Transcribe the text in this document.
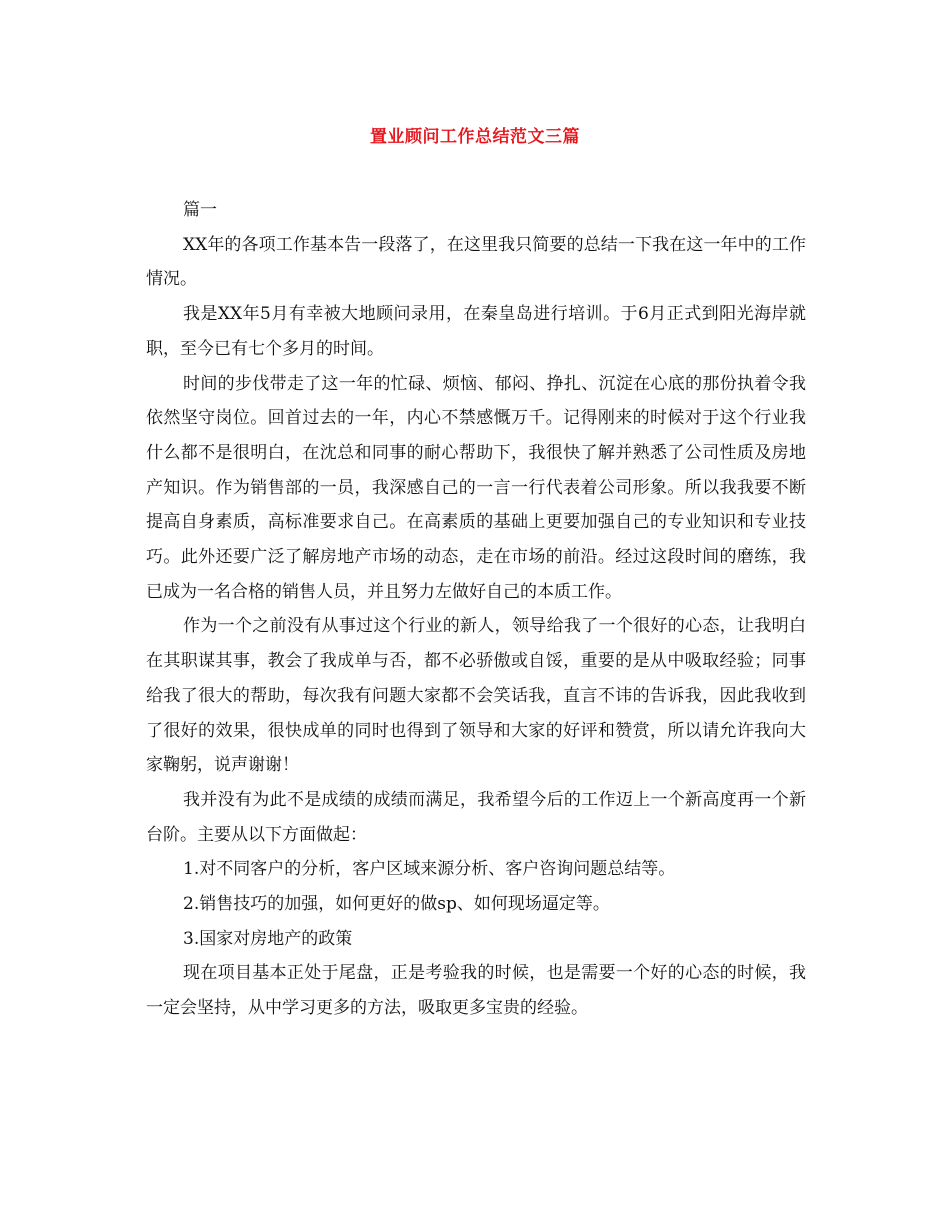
置业顾问工作总结范文三篇

篇一

XX年的各项工作基本告一段落了，在这里我只简要的总结一下我在这一年中的工作情况。

我是XX年5月有幸被大地顾问录用，在秦皇岛进行培训。于6月正式到阳光海岸就职，至今已有七个多月的时间。

时间的步伐带走了这一年的忙碌、烦恼、郁闷、挣扎、沉淀在心底的那份执着令我依然坚守岗位。回首过去的一年，内心不禁感慨万千。记得刚来的时候对于这个行业我什么都不是很明白，在沈总和同事的耐心帮助下，我很快了解并熟悉了公司性质及房地产知识。作为销售部的一员，我深感自己的一言一行代表着公司形象。所以我我要不断提高自身素质，高标准要求自己。在高素质的基础上更要加强自己的专业知识和专业技巧。此外还要广泛了解房地产市场的动态，走在市场的前沿。经过这段时间的磨练，我已成为一名合格的销售人员，并且努力左做好自己的本质工作。

作为一个之前没有从事过这个行业的新人，领导给我了一个很好的心态，让我明白在其职谋其事，教会了我成单与否，都不必骄傲或自馁，重要的是从中吸取经验；同事给我了很大的帮助，每次我有问题大家都不会笑话我，直言不讳的告诉我，因此我收到了很好的效果，很快成单的同时也得到了领导和大家的好评和赞赏，所以请允许我向大家鞠躬，说声谢谢！

我并没有为此不是成绩的成绩而满足，我希望今后的工作迈上一个新高度再一个新台阶。主要从以下方面做起：

1.对不同客户的分析，客户区域来源分析、客户咨询问题总结等。

2.销售技巧的加强，如何更好的做sp、如何现场逼定等。

3.国家对房地产的政策

现在项目基本正处于尾盘，正是考验我的时候，也是需要一个好的心态的时候，我一定会坚持，从中学习更多的方法，吸取更多宝贵的经验。
